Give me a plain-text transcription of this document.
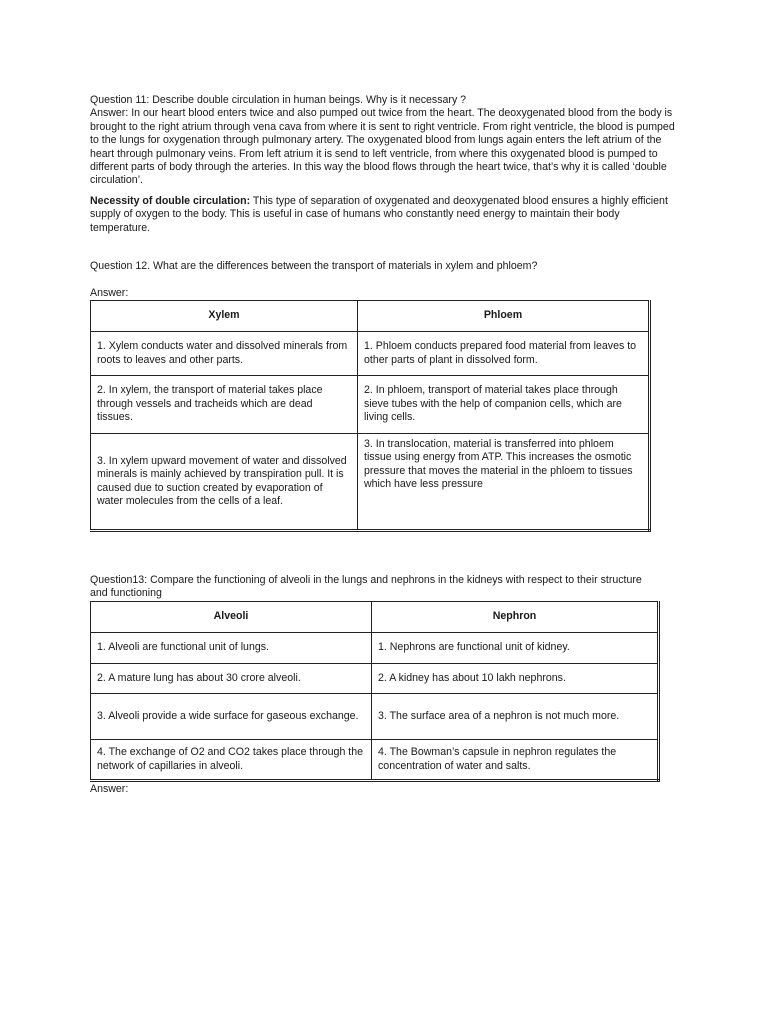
Question 11: Describe double circulation in human beings. Why is it necessary ?

Answer: In our heart blood enters twice and also pumped out twice from the heart. The deoxygenated blood from the body is brought to the right atrium through vena cava from where it is sent to right ventricle. From right ventricle, the blood is pumped to the lungs for oxygenation through pulmonary artery. The oxygenated blood from lungs again enters the left atrium of the heart through pulmonary veins. From left atrium it is send to left ventricle, from where this oxygenated blood is pumped to different parts of body through the arteries. In this way the blood flows through the heart twice, that’s why it is called ‘double circulation’.

Necessity of double circulation: This type of separation of oxygenated and deoxygenated blood ensures a highly efficient supply of oxygen to the body. This is useful in case of humans who constantly need energy to maintain their body temperature.

Question 12. What are the differences between the transport of materials in xylem and phloem?
Answer:
Xylem	Phloem
1. Xylem conducts water and dissolved minerals from roots to leaves and other parts.	1. Phloem conducts prepared food material from leaves to other parts of plant in dissolved form.
2. In xylem, the transport of material takes place through vessels and tracheids which are dead tissues.	2. In phloem, transport of material takes place through sieve tubes with the help of companion cells, which are living cells.
3. In xylem upward movement of water and dissolved minerals is mainly achieved by transpiration pull. It is caused due to suction created by evaporation of water molecules from the cells of a leaf.	3. In translocation, material is transferred into phloem tissue using energy from ATP. This increases the osmotic pressure that moves the material in the phloem to tissues which have less pressure
Question13: Compare the functioning of alveoli in the lungs and nephrons in the kidneys with respect to their structure and functioning
Alveoli	Nephron
1. Alveoli are functional unit of lungs.	1. Nephrons are functional unit of kidney.
2. A mature lung has about 30 crore alveoli.	2. A kidney has about 10 lakh nephrons.
3. Alveoli provide a wide surface for gaseous exchange.	3. The surface area of a nephron is not much more.
4. The exchange of O2 and CO2 takes place through the network of capillaries in alveoli.	4. The Bowman’s capsule in nephron regulates the concentration of water and salts.
Answer:
